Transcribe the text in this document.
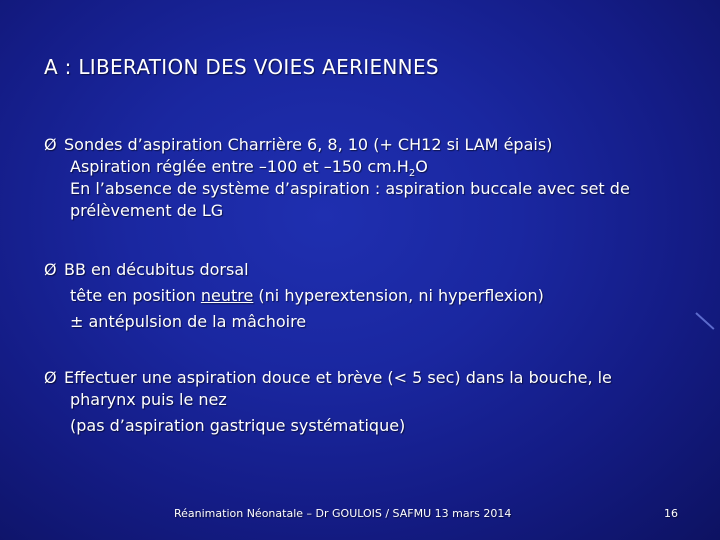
A : LIBERATION DES VOIES AERIENNES
Ø Sondes d’aspiration Charrière 6, 8, 10 (+ CH12 si LAM épais)
Aspiration réglée entre –100 et –150 $cm.H_2O$
En l’absence de système d’aspiration : aspiration buccale avec set de
prélèvement de LG
Ø BB en décubitus dorsal
tête en position neutre (ni hyperextension, ni hyperflexion)
± antépulsion de la mâchoire
Ø Effectuer une aspiration douce et brève (< 5 sec) dans la bouche, le
pharynx puis le nez
(pas d’aspiration gastrique systématique)
Réanimation Néonatale – Dr GOULOIS / SAFMU 13 mars 2014	16
